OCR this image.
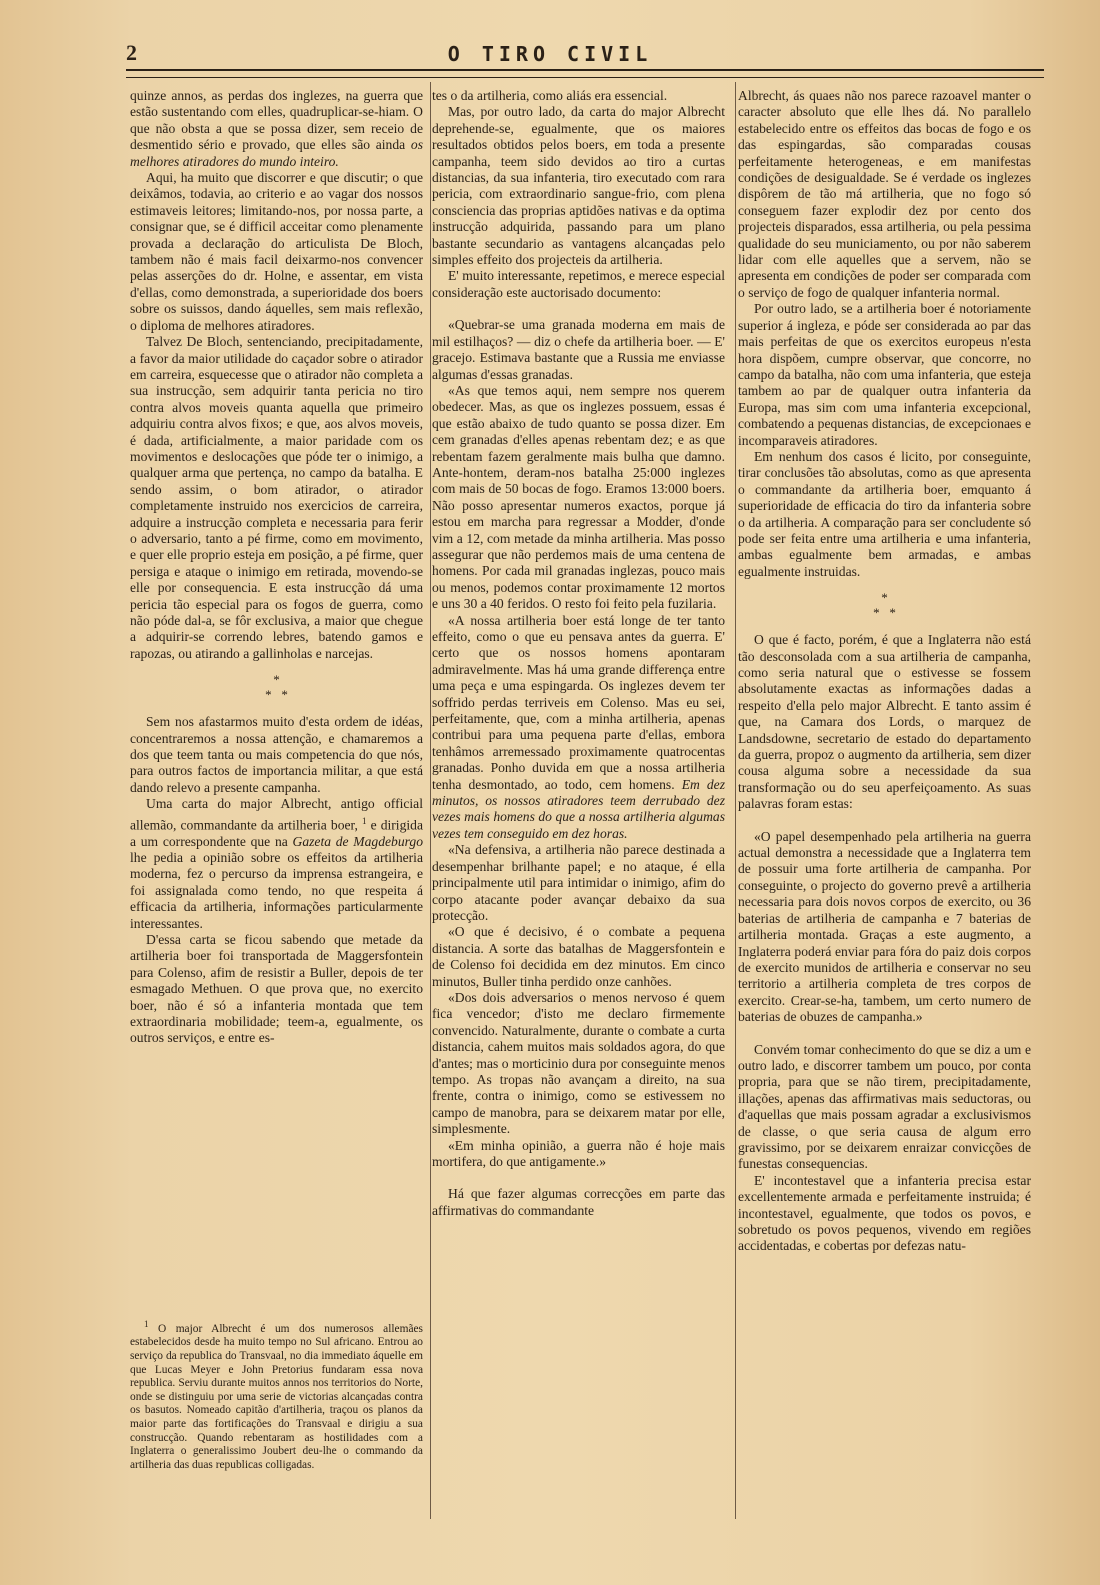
2	O TIRO CIVIL

quinze annos, as perdas dos inglezes, na guerra que estão sustentando com elles, quadruplicar-se-hiam. O que não obsta a que se possa dizer, sem receio de desmentido sério e provado, que elles são ainda os melhores atiradores do mundo inteiro.

Aqui, ha muito que discorrer e que discutir; o que deixâmos, todavia, ao criterio e ao vagar dos nossos estimaveis leitores; limitando-nos, por nossa parte, a consignar que, se é difficil acceitar como plenamente provada a declaração do articulista De Bloch, tambem não é mais facil deixarmo-nos convencer pelas asserções do dr. Holne, e assentar, em vista d'ellas, como demonstrada, a superioridade dos boers sobre os suissos, dando áquelles, sem mais reflexão, o diploma de melhores atiradores.

Talvez De Bloch, sentenciando, precipitadamente, a favor da maior utilidade do caçador sobre o atirador em carreira, esquecesse que o atirador não completa a sua instrucção, sem adquirir tanta pericia no tiro contra alvos moveis quanta aquella que primeiro adquiriu contra alvos fixos; e que, aos alvos moveis, é dada, artificialmente, a maior paridade com os movimentos e deslocações que póde ter o inimigo, a qualquer arma que pertença, no campo da batalha. E sendo assim, o bom atirador, o atirador completamente instruido nos exercicios de carreira, adquire a instrucção completa e necessaria para ferir o adversario, tanto a pé firme, como em movimento, e quer elle proprio esteja em posição, a pé firme, quer persiga e ataque o inimigo em retirada, movendo-se elle por consequencia. E esta instrucção dá uma pericia tão especial para os fogos de guerra, como não póde dal-a, se fôr exclusiva, a maior que chegue a adquirir-se correndo lebres, batendo gamos e rapozas, ou atirando a gallinholas e narcejas.

*
*   *

Sem nos afastarmos muito d'esta ordem de idéas, concentraremos a nossa attenção, e chamaremos a dos que teem tanta ou mais competencia do que nós, para outros factos de importancia militar, a que está dando relevo a presente campanha.

Uma carta do major Albrecht, antigo official allemão, commandante da artilheria boer, $^1$ e dirigida a um correspondente que na Gazeta de Magdeburgo lhe pedia a opinião sobre os effeitos da artilheria moderna, fez o percurso da imprensa estrangeira, e foi assignalada como tendo, no que respeita á efficacia da artilheria, informações particularmente interessantes.

D'essa carta se ficou sabendo que metade da artilheria boer foi transportada de Maggersfontein para Colenso, afim de resistir a Buller, depois de ter esmagado Methuen. O que prova que, no exercito boer, não é só a infanteria montada que tem extraordinaria mobilidade; teem-a, egualmente, os outros serviços, e entre es-

$^1$ O major Albrecht é um dos numerosos allemães estabelecidos desde ha muito tempo no Sul africano. Entrou ao serviço da republica do Transvaal, no dia immediato áquelle em que Lucas Meyer e John Pretorius fundaram essa nova republica. Serviu durante muitos annos nos territorios do Norte, onde se distinguiu por uma serie de victorias alcançadas contra os basutos. Nomeado capitão d'artilheria, traçou os planos da maior parte das fortificações do Transvaal e dirigiu a sua construcção. Quando rebentaram as hostilidades com a Inglaterra o generalissimo Joubert deu-lhe o commando da artilheria das duas republicas colligadas.

tes o da artilheria, como aliás era essencial.

Mas, por outro lado, da carta do major Albrecht deprehende-se, egualmente, que os maiores resultados obtidos pelos boers, em toda a presente campanha, teem sido devidos ao tiro a curtas distancias, da sua infanteria, tiro executado com rara pericia, com extraordinario sangue-frio, com plena consciencia das proprias aptidões nativas e da optima instrucção adquirida, passando para um plano bastante secundario as vantagens alcançadas pelo simples effeito dos projecteis da artilheria.

E' muito interessante, repetimos, e merece especial consideração este auctorisado documento:

«Quebrar-se uma granada moderna em mais de mil estilhaços? — diz o chefe da artilheria boer. — E' gracejo. Estimava bastante que a Russia me enviasse algumas d'essas granadas.

«As que temos aqui, nem sempre nos querem obedecer. Mas, as que os inglezes possuem, essas é que estão abaixo de tudo quanto se possa dizer. Em cem granadas d'elles apenas rebentam dez; e as que rebentam fazem geralmente mais bulha que damno. Ante-hontem, deram-nos batalha 25:000 inglezes com mais de 50 bocas de fogo. Eramos 13:000 boers. Não posso apresentar numeros exactos, porque já estou em marcha para regressar a Modder, d'onde vim a 12, com metade da minha artilheria. Mas posso assegurar que não perdemos mais de uma centena de homens. Por cada mil granadas inglezas, pouco mais ou menos, podemos contar proximamente 12 mortos e uns 30 a 40 feridos. O resto foi feito pela fuzilaria.

«A nossa artilheria boer está longe de ter tanto effeito, como o que eu pensava antes da guerra. E' certo que os nossos homens apontaram admiravelmente. Mas há uma grande differença entre uma peça e uma espingarda. Os inglezes devem ter soffrido perdas terriveis em Colenso. Mas eu sei, perfeitamente, que, com a minha artilheria, apenas contribui para uma pequena parte d'ellas, embora tenhâmos arremessado proximamente quatrocentas granadas. Ponho duvida em que a nossa artilheria tenha desmontado, ao todo, cem homens. Em dez minutos, os nossos atiradores teem derrubado dez vezes mais homens do que a nossa artilheria algumas vezes tem conseguido em dez horas.

«Na defensiva, a artilheria não parece destinada a desempenhar brilhante papel; e no ataque, é ella principalmente util para intimidar o inimigo, afim do corpo atacante poder avançar debaixo da sua protecção.

«O que é decisivo, é o combate a pequena distancia. A sorte das batalhas de Maggersfontein e de Colenso foi decidida em dez minutos. Em cinco minutos, Buller tinha perdido onze canhões.

«Dos dois adversarios o menos nervoso é quem fica vencedor; d'isto me declaro firmemente convencido. Naturalmente, durante o combate a curta distancia, cahem muitos mais soldados agora, do que d'antes; mas o morticinio dura por conseguinte menos tempo. As tropas não avançam a direito, na sua frente, contra o inimigo, como se estivessem no campo de manobra, para se deixarem matar por elle, simplesmente.

«Em minha opinião, a guerra não é hoje mais mortifera, do que antigamente.»

Há que fazer algumas correcções em parte das affirmativas do commandante

Albrecht, ás quaes não nos parece razoavel manter o caracter absoluto que elle lhes dá. No parallelo estabelecido entre os effeitos das bocas de fogo e os das espingardas, são comparadas cousas perfeitamente heterogeneas, e em manifestas condições de desigualdade. Se é verdade os inglezes dispôrem de tão má artilheria, que no fogo só conseguem fazer explodir dez por cento dos projecteis disparados, essa artilheria, ou pela pessima qualidade do seu municiamento, ou por não saberem lidar com elle aquelles que a servem, não se apresenta em condições de poder ser comparada com o serviço de fogo de qualquer infanteria normal.

Por outro lado, se a artilheria boer é notoriamente superior á ingleza, e póde ser considerada ao par das mais perfeitas de que os exercitos europeus n'esta hora dispõem, cumpre observar, que concorre, no campo da batalha, não com uma infanteria, que esteja tambem ao par de qualquer outra infanteria da Europa, mas sim com uma infanteria excepcional, combatendo a pequenas distancias, de excepcionaes e incomparaveis atiradores.

Em nenhum dos casos é licito, por conseguinte, tirar conclusões tão absolutas, como as que apresenta o commandante da artilheria boer, emquanto á superioridade de efficacia do tiro da infanteria sobre o da artilheria. A comparação para ser concludente só pode ser feita entre uma artilheria e uma infanteria, ambas egualmente bem armadas, e ambas egualmente instruidas.

*
*   *

O que é facto, porém, é que a Inglaterra não está tão desconsolada com a sua artilheria de campanha, como seria natural que o estivesse se fossem absolutamente exactas as informações dadas a respeito d'ella pelo major Albrecht. E tanto assim é que, na Camara dos Lords, o marquez de Landsdowne, secretario de estado do departamento da guerra, propoz o augmento da artilheria, sem dizer cousa alguma sobre a necessidade da sua transformação ou do seu aperfeiçoamento. As suas palavras foram estas:

«O papel desempenhado pela artilheria na guerra actual demonstra a necessidade que a Inglaterra tem de possuir uma forte artilheria de campanha. Por conseguinte, o projecto do governo prevê a artilheria necessaria para dois novos corpos de exercito, ou 36 baterias de artilheria de campanha e 7 baterias de artilheria montada. Graças a este augmento, a Inglaterra poderá enviar para fóra do paiz dois corpos de exercito munidos de artilheria e conservar no seu territorio a artilheria completa de tres corpos de exercito. Crear-se-ha, tambem, um certo numero de baterias de obuzes de campanha.»

Convém tomar conhecimento do que se diz a um e outro lado, e discorrer tambem um pouco, por conta propria, para que se não tirem, precipitadamente, illações, apenas das affirmativas mais seductoras, ou d'aquellas que mais possam agradar a exclusivismos de classe, o que seria causa de algum erro gravissimo, por se deixarem enraizar convicções de funestas consequencias.

E' incontestavel que a infanteria precisa estar excellentemente armada e perfeitamente instruida; é incontestavel, egualmente, que todos os povos, e sobretudo os povos pequenos, vivendo em regiões accidentadas, e cobertas por defezas natu-
